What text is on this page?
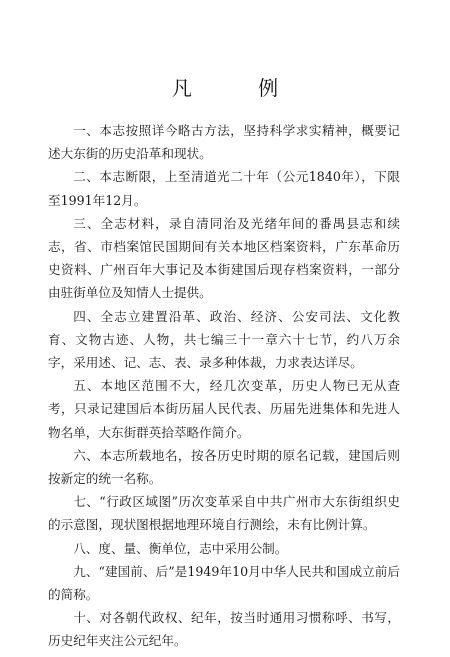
凡 例

一、本志按照详今略古方法，坚持科学求实精神，概要记述大东街的历史沿革和现状。

二、本志断限，上至清道光二十年（公元1840年），下限至1991年12月。

三、全志材料，录自清同治及光绪年间的番禺县志和续志，省、市档案馆民国期间有关本地区档案资料，广东革命历史资料、广州百年大事记及本街建国后现存档案资料，一部分由驻街单位及知情人士提供。

四、全志立建置沿革、政治、经济、公安司法、文化教育、文物古迹、人物，共七编三十一章六十七节，约八万余字，采用述、记、志、表、录多种体裁，力求表达详尽。

五、本地区范围不大，经几次变革，历史人物已无从查考，只录记建国后本街历届人民代表、历届先进集体和先进人物名单，大东街群英拾萃略作简介。

六、本志所载地名，按各历史时期的原名记载，建国后则按新定的统一名称。

七、“行政区域图”历次变革采自中共广州市大东街组织史的示意图，现状图根据地理环境自行测绘，未有比例计算。

八、度、量、衡单位，志中采用公制。

九、“建国前、后”是1949年10月中华人民共和国成立前后的简称。

十、对各朝代政权、纪年，按当时通用习惯称呼、书写，历史纪年夹注公元纪年。
